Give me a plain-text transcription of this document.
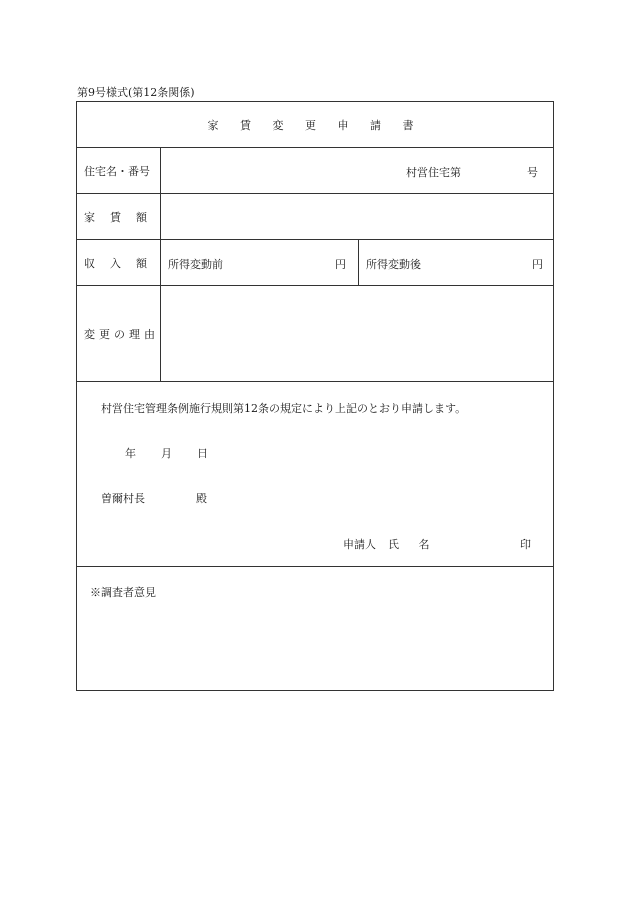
第9号様式(第12条関係)
家 賃 変 更 申 請 書
住宅名・番号	村営住宅第	号
家賃額
収入額 所得変動前	円 所得変動後	円
変更の理由
村営住宅管理条例施行規則第12条の規定により上記のとおり申請します。
年 月 日
曽爾村長	殿
申請人 氏 名	印
※調査者意見
